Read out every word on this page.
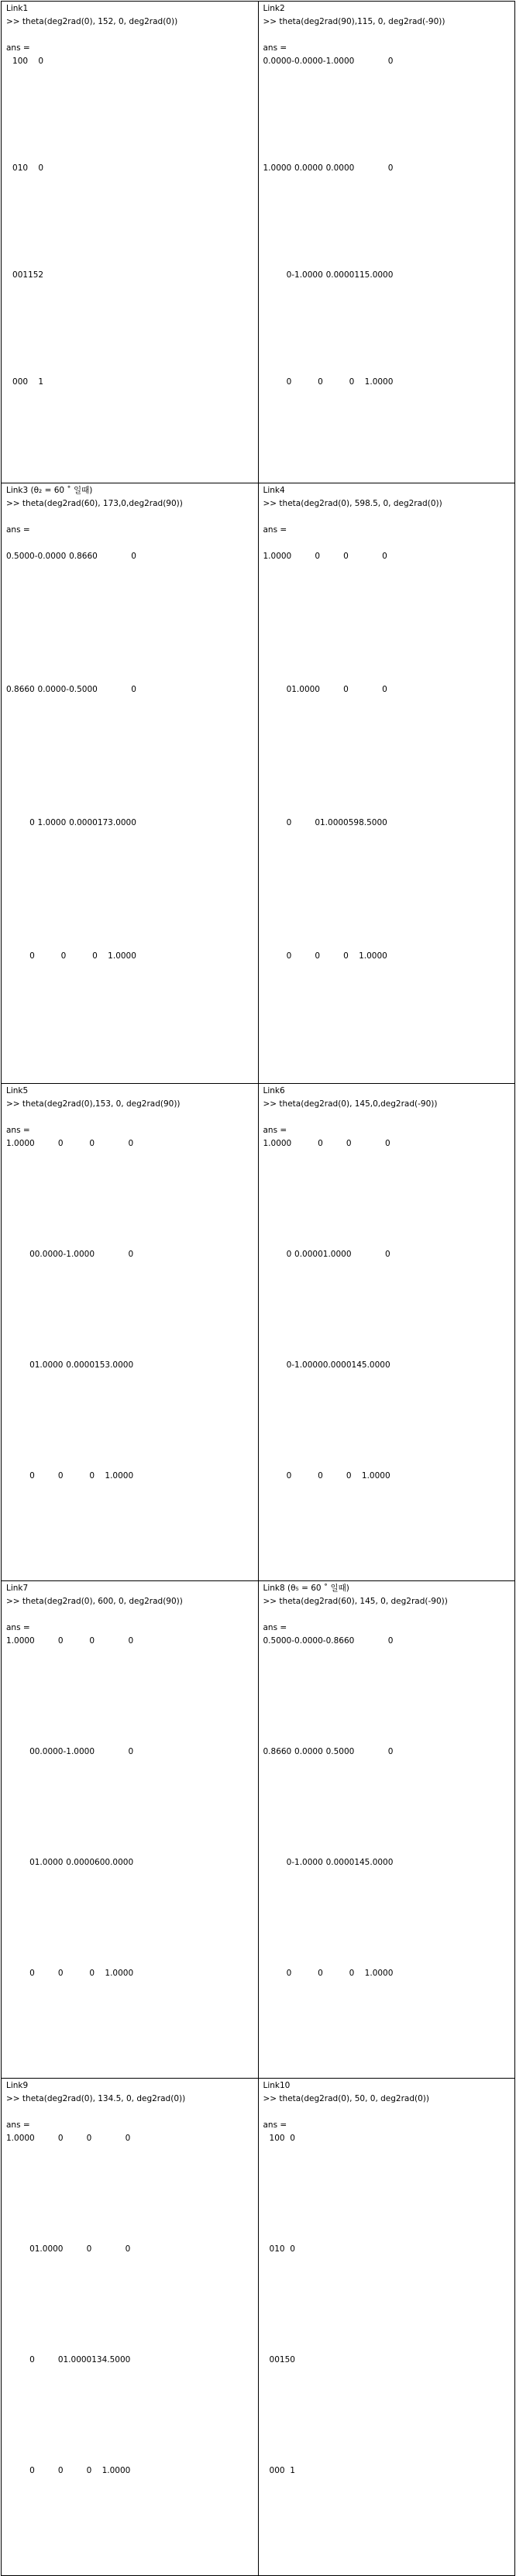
Link1
>> theta(deg2rad(0), 152, 0, deg2rad(0))
ans =
1	0	0	0
0	1	0	0
0	0	1	152
0	0	0	1

Link2
>> theta(deg2rad(90),115, 0, deg2rad(-90))
ans =
0.0000	-0.0000	-1.0000	0
1.0000	0.0000	0.0000	0
0	-1.0000	0.0000	115.0000
0	0	0	1.0000

Link3 (θ₂ = 60 ˚ 일때)
>> theta(deg2rad(60), 173,0,deg2rad(90))
ans =
0.5000	-0.0000	0.8660	0
0.8660	0.0000	-0.5000	0
0	1.0000	0.0000	173.0000
0	0	0	1.0000

Link4
>> theta(deg2rad(0), 598.5, 0, deg2rad(0))
ans =
1.0000	0	0	0
0	1.0000	0	0
0	0	1.0000	598.5000
0	0	0	1.0000

Link5
>> theta(deg2rad(0),153, 0, deg2rad(90))
ans =
1.0000	0	0	0
0	0.0000	-1.0000	0
0	1.0000	0.0000	153.0000
0	0	0	1.0000

Link6
>> theta(deg2rad(0), 145,0,deg2rad(-90))
ans =
1.0000	0	0	0
0	0.0000	1.0000	0
0	-1.0000	0.0000	145.0000
0	0	0	1.0000

Link7
>> theta(deg2rad(0), 600, 0, deg2rad(90))
ans =
1.0000	0	0	0
0	0.0000	-1.0000	0
0	1.0000	0.0000	600.0000
0	0	0	1.0000

Link8 (θ₅ = 60 ˚ 일때)
>> theta(deg2rad(60), 145, 0, deg2rad(-90))
ans =
0.5000	-0.0000	-0.8660	0
0.8660	0.0000	0.5000	0
0	-1.0000	0.0000	145.0000
0	0	0	1.0000

Link9
>> theta(deg2rad(0), 134.5, 0, deg2rad(0))
ans =
1.0000	0	0	0
0	1.0000	0	0
0	0	1.0000	134.5000
0	0	0	1.0000

Link10
>> theta(deg2rad(0), 50, 0, deg2rad(0))
ans =
1	0	0	0
0	1	0	0
0	0	1	50
0	0	0	1
